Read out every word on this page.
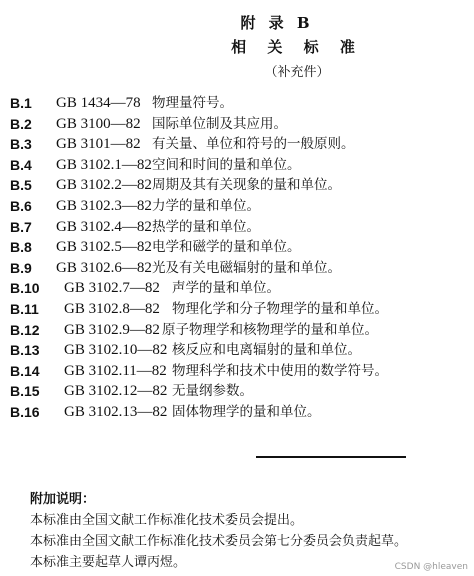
附 录 B
相 关 标 准
（补充件）
B.1	GB 1434—78 物理量符号。
B.2	GB 3100—82 国际单位制及其应用。
B.3	GB 3101—82 有关量、单位和符号的一般原则。
B.4	GB 3102.1—82 空间和时间的量和单位。
B.5	GB 3102.2—82 周期及其有关现象的量和单位。
B.6	GB 3102.3—82 力学的量和单位。
B.7	GB 3102.4—82 热学的量和单位。
B.8	GB 3102.5—82 电学和磁学的量和单位。
B.9	GB 3102.6—82 光及有关电磁辐射的量和单位。
B.10	GB 3102.7—82 声学的量和单位。
B.11	GB 3102.8—82 物理化学和分子物理学的量和单位。
B.12	GB 3102.9—82 原子物理学和核物理学的量和单位。
B.13	GB 3102.10—82 核反应和电离辐射的量和单位。
B.14	GB 3102.11—82 物理科学和技术中使用的数学符号。
B.15	GB 3102.12—82 无量纲参数。
B.16	GB 3102.13—82 固体物理学的量和单位。
附加说明：
本标准由全国文献工作标准化技术委员会提出。
本标准由全国文献工作标准化技术委员会第七分委员会负责起草。
本标准主要起草人谭丙煜。	CSDN @hleaven
